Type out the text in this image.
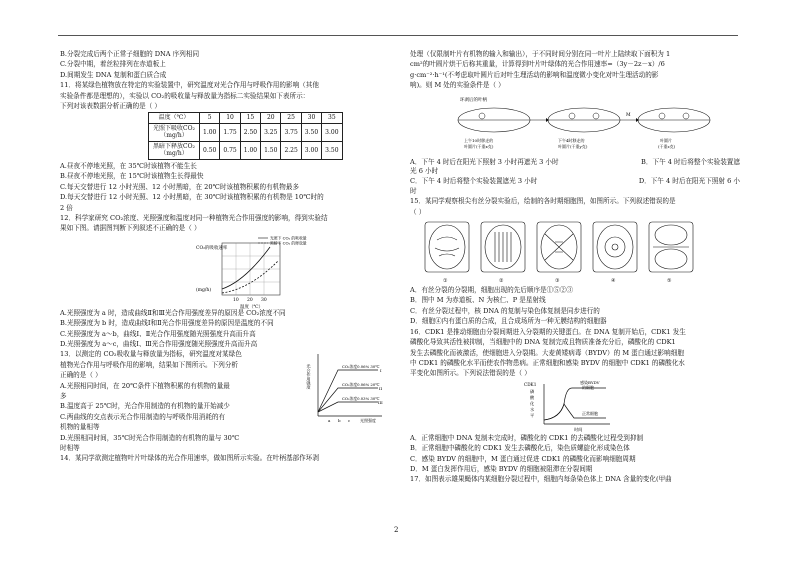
B.分裂完成后两个正常子细胞的 DNA 序列相同

C.分裂中期，着丝粒排列在赤道板上

D.间期发生 DNA 复制和蛋白质合成

11．将某绿色植物放在特定的实验装置中，研究温度对光合作用与呼吸作用的影响（其他

实验条件都是理想的），实验以 CO₂的吸收量与释放量为指标二实验结果如下表所示：

下列对该表数据分析正确的是（ ）

温度（℃）	5	10	15	20	25	30	35
光照下吸收CO₂（mg/h）	1.00	1.75	2.50	3.25	3.75	3.50	3.00
黑暗下释放CO₂（mg/h）	0.50	0.75	1.00	1.50	2.25	3.00	3.50

A.昼夜不停地光照，在 35℃时该植物不能生长

B.昼夜不停地光照，在 15℃时该植物生长得最快

C.每天交替进行 12 小时光照、12 小时黑暗，在 20℃时该植物积累的有机物最多

D.每天交替进行 12 小时光照、12 小时黑暗，在 30℃时该植物积累的有机物是 10℃时的

2 倍

12．科学家研究 CO₂浓度、光照强度和温度对同一种植物光合作用强度的影响，得到实验结

果如下图。请据图判断下列叙述不正确的是（ ）

CO₂的吸收速率
(mg/h)
10 20 30
温度（℃）
光照下 CO₂ 的吸收量
黑暗下 CO₂ 的释放量

A.光照强度为 a 时，造成曲线Ⅱ和Ⅲ光合作用强度差异的原因是 CO₂浓度不同

B.光照强度为 b 时，造成曲线Ⅰ和Ⅱ光合作用强度差异的原因是温度的不同

C.光照强度为 a～b，曲线Ⅰ、Ⅱ光合作用强度随光照强度升高而升高

D.光照强度为 a～c，曲线Ⅰ、Ⅲ光合作用强度随光照强度升高而升高

13．以测定的 CO₂吸收量与释放量为指标，研究温度对某绿色

植物光合作用与呼吸作用的影响，结果如下图所示。下列分析

正确的是（ ）

A.光照相同时间，在 20℃条件下植物积累的有机物的量最

多

B.温度高于 25℃时，光合作用制造的有机物的量开始减少

C.两曲线的交点表示光合作用制造的与呼吸作用消耗的有

机物的量相等

D.光照相同时间，35℃时光合作用制造的有机物的量与 30℃

时相等

光合作用强度	CO₂浓度0.06% 30℃
CO₂浓度0.06% 20℃
CO₂浓度0.03% 30℃
I
II
III
a b c 光照强度

14．某同学欲测定植物叶片叶绿体的光合作用速率，做如图所示实验。在叶柄基部作环剥

处理（仅限制叶片有机物的输入和输出），于不同时间分别在同一叶片上陆续取下面积为 1

cm²的叶圆片烘干后称其重量，计算得到叶片叶绿体的光合作用速率=（3y－2z－x）/6

g·cm⁻²·h⁻¹(不考虑取叶圆片后对叶生理活动的影响和温度微小变化对叶生理活动的影

响)。则 M 处的实验条件是（ ）

环剥后的叶柄
M
上午10时移走的
叶圆片(干重x克)
下午4时移走的
叶圆片(干重y克)
叶圆片
(干重z克)
A．下午 4 时后在阳光下照射 3 小时再遮光 3 小时	B．下午 4 时后将整个实验装置遮

光 6 小时

C．下午 4 时后将整个实验装置遮光 3 小时	D．下午 4 时后在阳光下照射 6 小

时

15．某同学观察根尖有丝分裂实验后，绘制的各时期细胞图，如图所示。下列叙述错误的是

（ ）

①	②	③	④	⑤

A．有丝分裂的分裂期，细胞出现的先后顺序是①⑤②③

B．图中 M 为赤道板、N 为核仁、P 是星射线

C．有丝分裂过程中，核 DNA 的复制与染色体复制是同步进行的

D．细胞④内有蛋白质的合成，且合成场所为一种无膜结构的细胞器

16．CDK1 是推动细胞由分裂间期进入分裂期的关键蛋白。在 DNA 复制开始后，CDK1 发生

磷酸化导致其活性被抑制，当细胞中的 DNA 复制完成且物质准备充分后，磷酸化的 CDK1

发生去磷酸化而被激活，使细胞进入分裂期。大麦黄矮病毒（BYDV）的 M 蛋白通过影响细胞

中 CDK1 的磷酸化水平而使农作物患病。正常细胞和感染 BYDV 的细胞中 CDK1 的磷酸化水

平变化如图所示。下列说法错误的是（ ）

CDK1
磷
酸
化
水
平
感染BYDV
的细胞
正常细胞
时间

A．正常细胞中 DNA 复制未完成时，磷酸化的 CDK1 的去磷酸化过程受到抑制

B．正常细胞中磷酸化的 CDK1 发生去磷酸化后，染色质螺旋化形成染色体

C．感染 BYDV 的细胞中，M 蛋白通过促进 CDK1 的磷酸化而影响细胞周期

D．M 蛋白发挥作用后，感染 BYDV 的细胞被阻滞在分裂间期

17．如图表示雄果蝇体内某细胞分裂过程中，细胞内每条染色体上 DNA 含量的变化(甲曲

2
